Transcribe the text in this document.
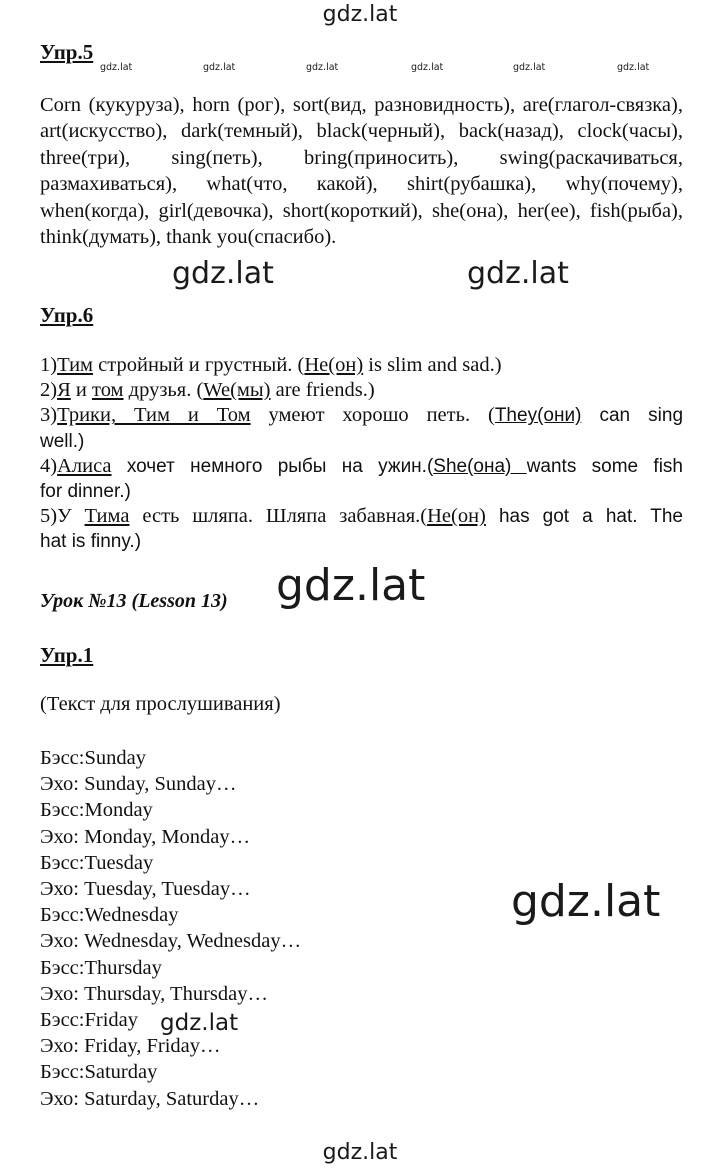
gdz.lat
gdz.lat	gdz.lat	gdz.lat	gdz.lat	gdz.lat	gdz.lat
Упр.5
Corn (кукуруза), horn (рог), sort(вид, разновидность), are(глагол-связка), art(искусство), dark(темный), black(черный), back(назад), clock(часы), three(три), sing(петь), bring(приносить), swing(раскачиваться, размахиваться), what(что, какой), shirt(рубашка), why(почему), when(когда), girl(девочка), short(короткий), she(она), her(ее), fish(рыба), think(думать), thank you(спасибо).
gdz.lat	gdz.lat
Упр.6
1)Тим стройный и грустный. (He(он) is slim and sad.)
2)Я и том друзья. (We(мы) are friends.)
3)Трики, Тим и Том умеют хорошо петь. (They(они) can sing
well.)
4)Алиса хочет немного рыбы на ужин.(She(она) wants some fish
for dinner.)
5)У Тима есть шляпа. Шляпа забавная.(He(он) has got a hat. The
hat is finny.)
Урок №13 (Lesson 13)	gdz.lat
Упр.1
(Текст для прослушивания)
Бэсс:Sunday
Эхо: Sunday, Sunday…
Бэсс:Monday
Эхо: Monday, Monday…
Бэсс:Tuesday
Эхо: Tuesday, Tuesday…
Бэсс:Wednesday
Эхо: Wednesday, Wednesday…
Бэсс:Thursday
Эхо: Thursday, Thursday…
Бэсс:Friday
Эхо: Friday, Friday…
Бэсс:Saturday
Эхо: Saturday, Saturday…
gdz.lat
gdz.lat
gdz.lat
